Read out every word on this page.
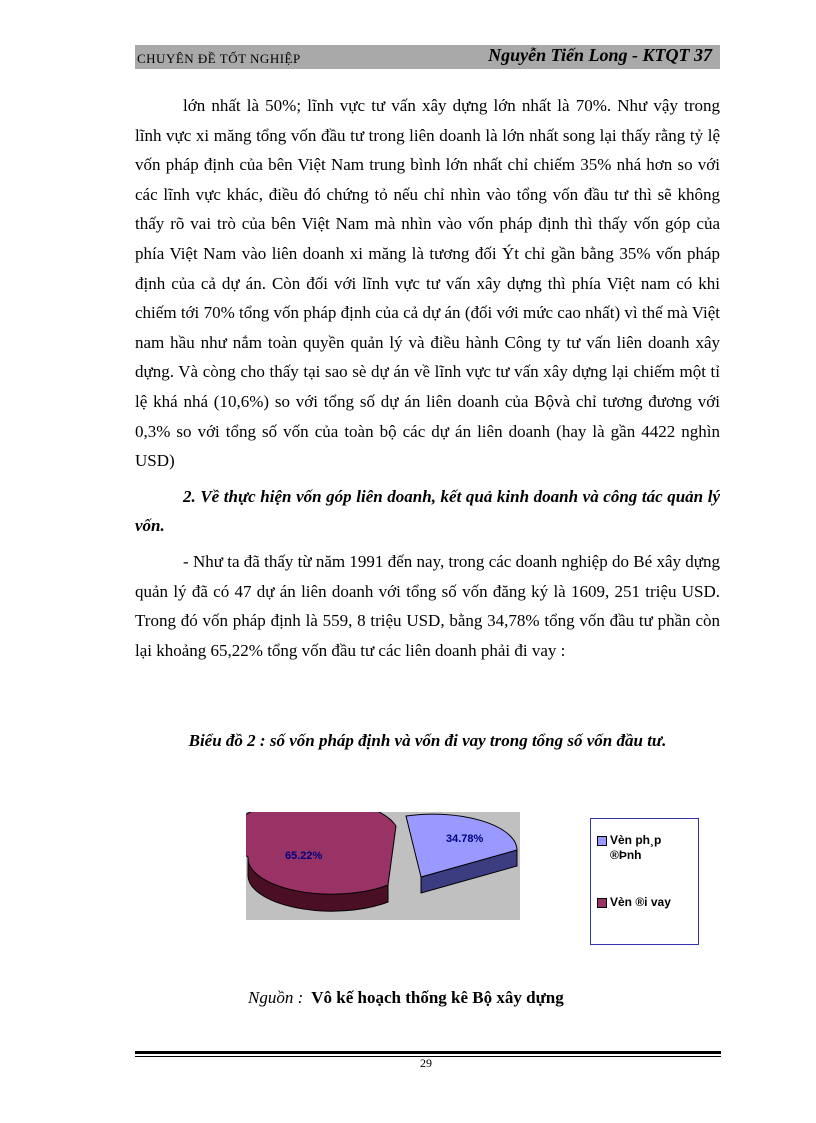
CHUYÊN ĐỀ TỐT NGHIỆP	Nguyễn Tiến Long - KTQT 37

lớn nhất là 50%; lĩnh vực tư vấn xây dựng lớn nhất là 70%. Như vậy trong lĩnh vực xi măng tổng vốn đầu tư trong liên doanh là lớn nhất song lại thấy rằng tỷ lệ vốn pháp định của bên Việt Nam trung bình lớn nhất chỉ chiếm 35% nhá hơn so với các lĩnh vực khác, điều đó chứng tỏ nếu chỉ nhìn vào tổng vốn đầu tư thì sẽ không thấy rõ vai trò của bên Việt Nam mà nhìn vào vốn pháp định thì thấy vốn góp của phía Việt Nam vào liên doanh xi măng là tương đối Ýt chỉ gần bằng 35% vốn pháp định của cả dự án. Còn đối với lĩnh vực tư vấn xây dựng thì phía Việt nam có khi chiếm tới 70% tổng vốn pháp định của cả dự án (đối với mức cao nhất) vì thế mà Việt nam hầu như nắm toàn quyền quản lý và điều hành Công ty tư vấn liên doanh xây dựng. Và còng cho thấy tại sao sè dự án về lĩnh vực tư vấn xây dựng lại chiếm một tỉ lệ khá nhá (10,6%) so với tổng số dự án liên doanh của Bộvà chỉ tương đương với 0,3% so với tổng số vốn của toàn bộ các dự án liên doanh (hay là gần 4422 nghìn USD)

2. Về thực hiện vốn góp liên doanh, kết quả kinh doanh và công tác quản lý vốn.

- Như ta đã thấy từ năm 1991 đến nay, trong các doanh nghiệp do Bé xây dựng quản lý đã có 47 dự án liên doanh với tổng số vốn đăng ký là 1609, 251 triệu USD. Trong đó vốn pháp định là 559, 8 triệu USD, bằng 34,78% tổng vốn đầu tư phần còn lại khoảng 65,22% tổng vốn đầu tư các liên doanh phải đi vay :

Biểu đồ 2 : số vốn pháp định và vốn đi vay trong tổng số vốn đầu tư.
34.78%
65.22%
Vèn ph¸p ®Þnh
Vèn ®i vay
Nguồn : Vô kế hoạch thống kê Bộ xây dựng
29
